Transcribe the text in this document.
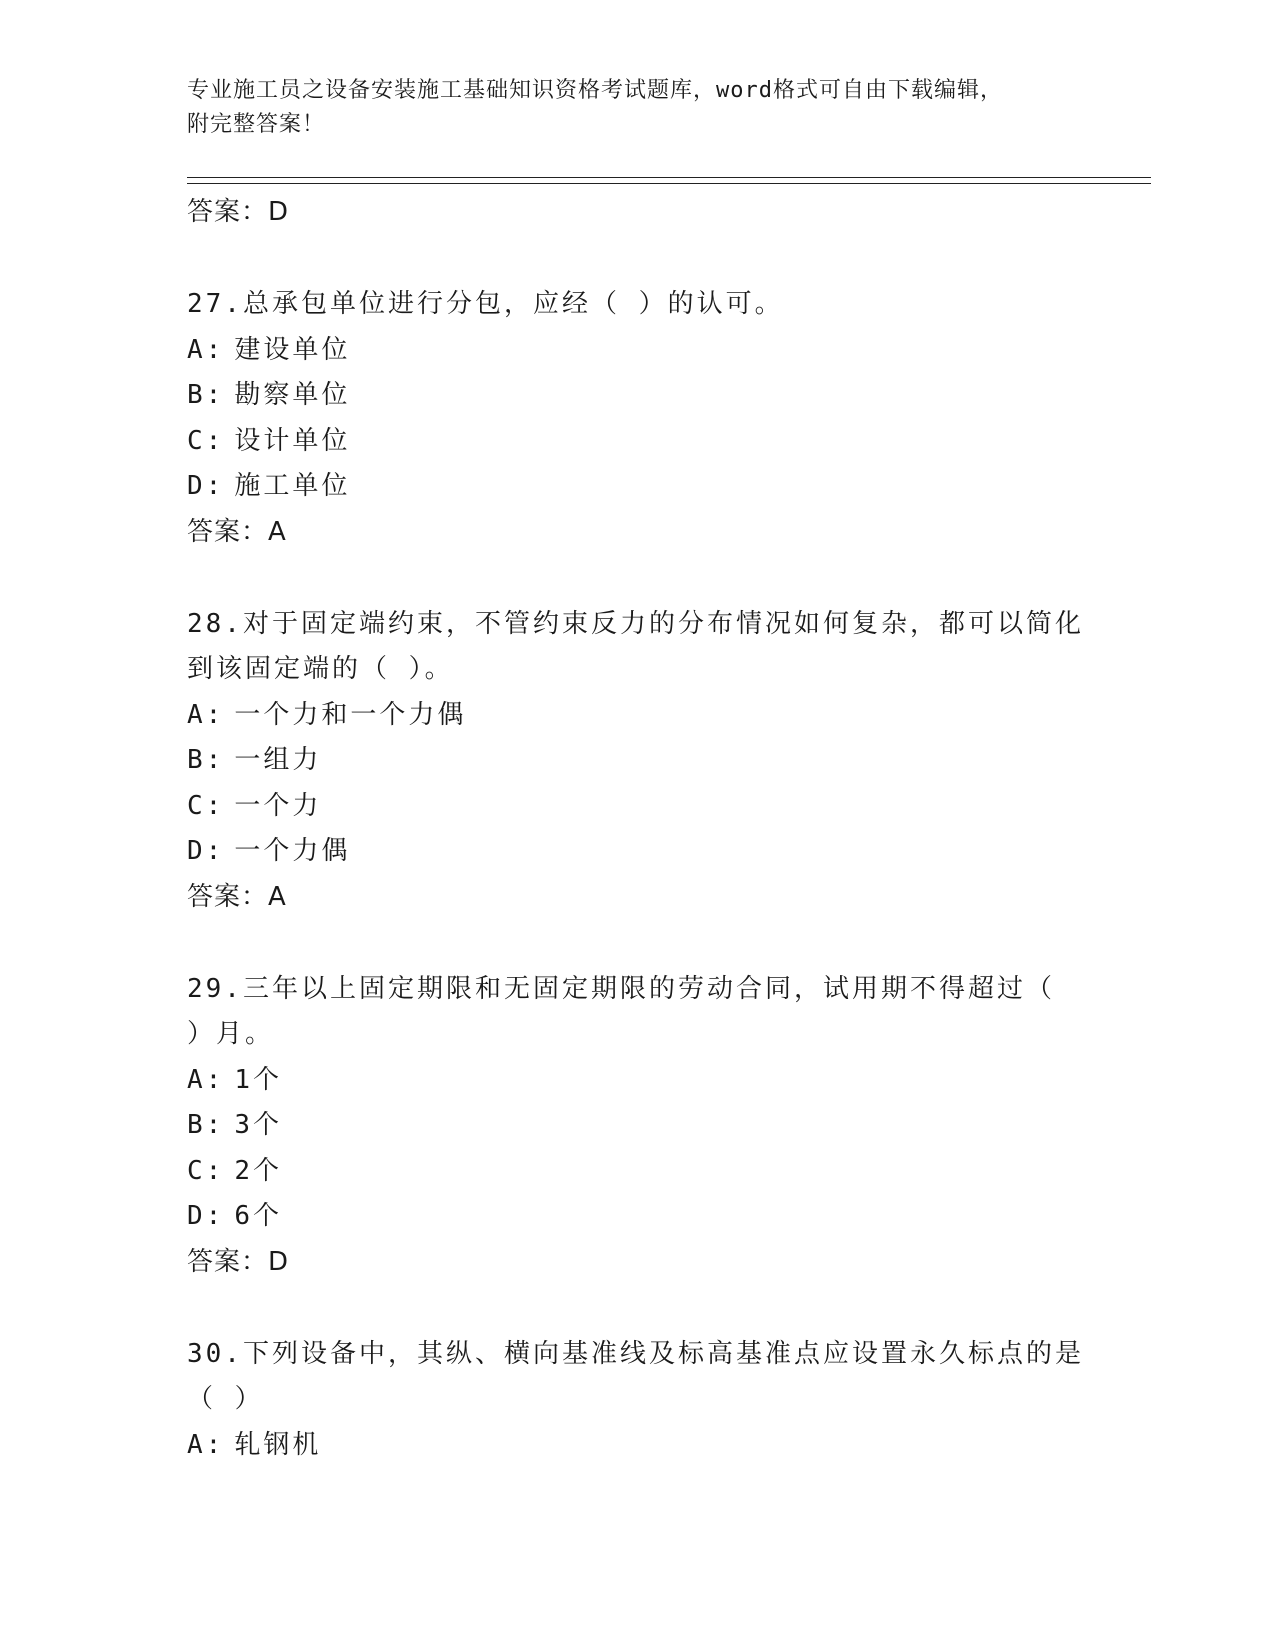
专业施工员之设备安装施工基础知识资格考试题库，word格式可自由下载编辑，
附完整答案！
答案：D
27.总承包单位进行分包，应经（ ）的认可。
A: 建设单位
B: 勘察单位
C: 设计单位
D: 施工单位
答案：A
28.对于固定端约束，不管约束反力的分布情况如何复杂，都可以简化
到该固定端的（ ）。
A: 一个力和一个力偶
B: 一组力
C: 一个力
D: 一个力偶
答案：A
29.三年以上固定期限和无固定期限的劳动合同，试用期不得超过（
）月。
A: 1个
B: 3个
C: 2个
D: 6个
答案：D
30.下列设备中，其纵、横向基准线及标高基准点应设置永久标点的是
（ ）
A: 轧钢机
